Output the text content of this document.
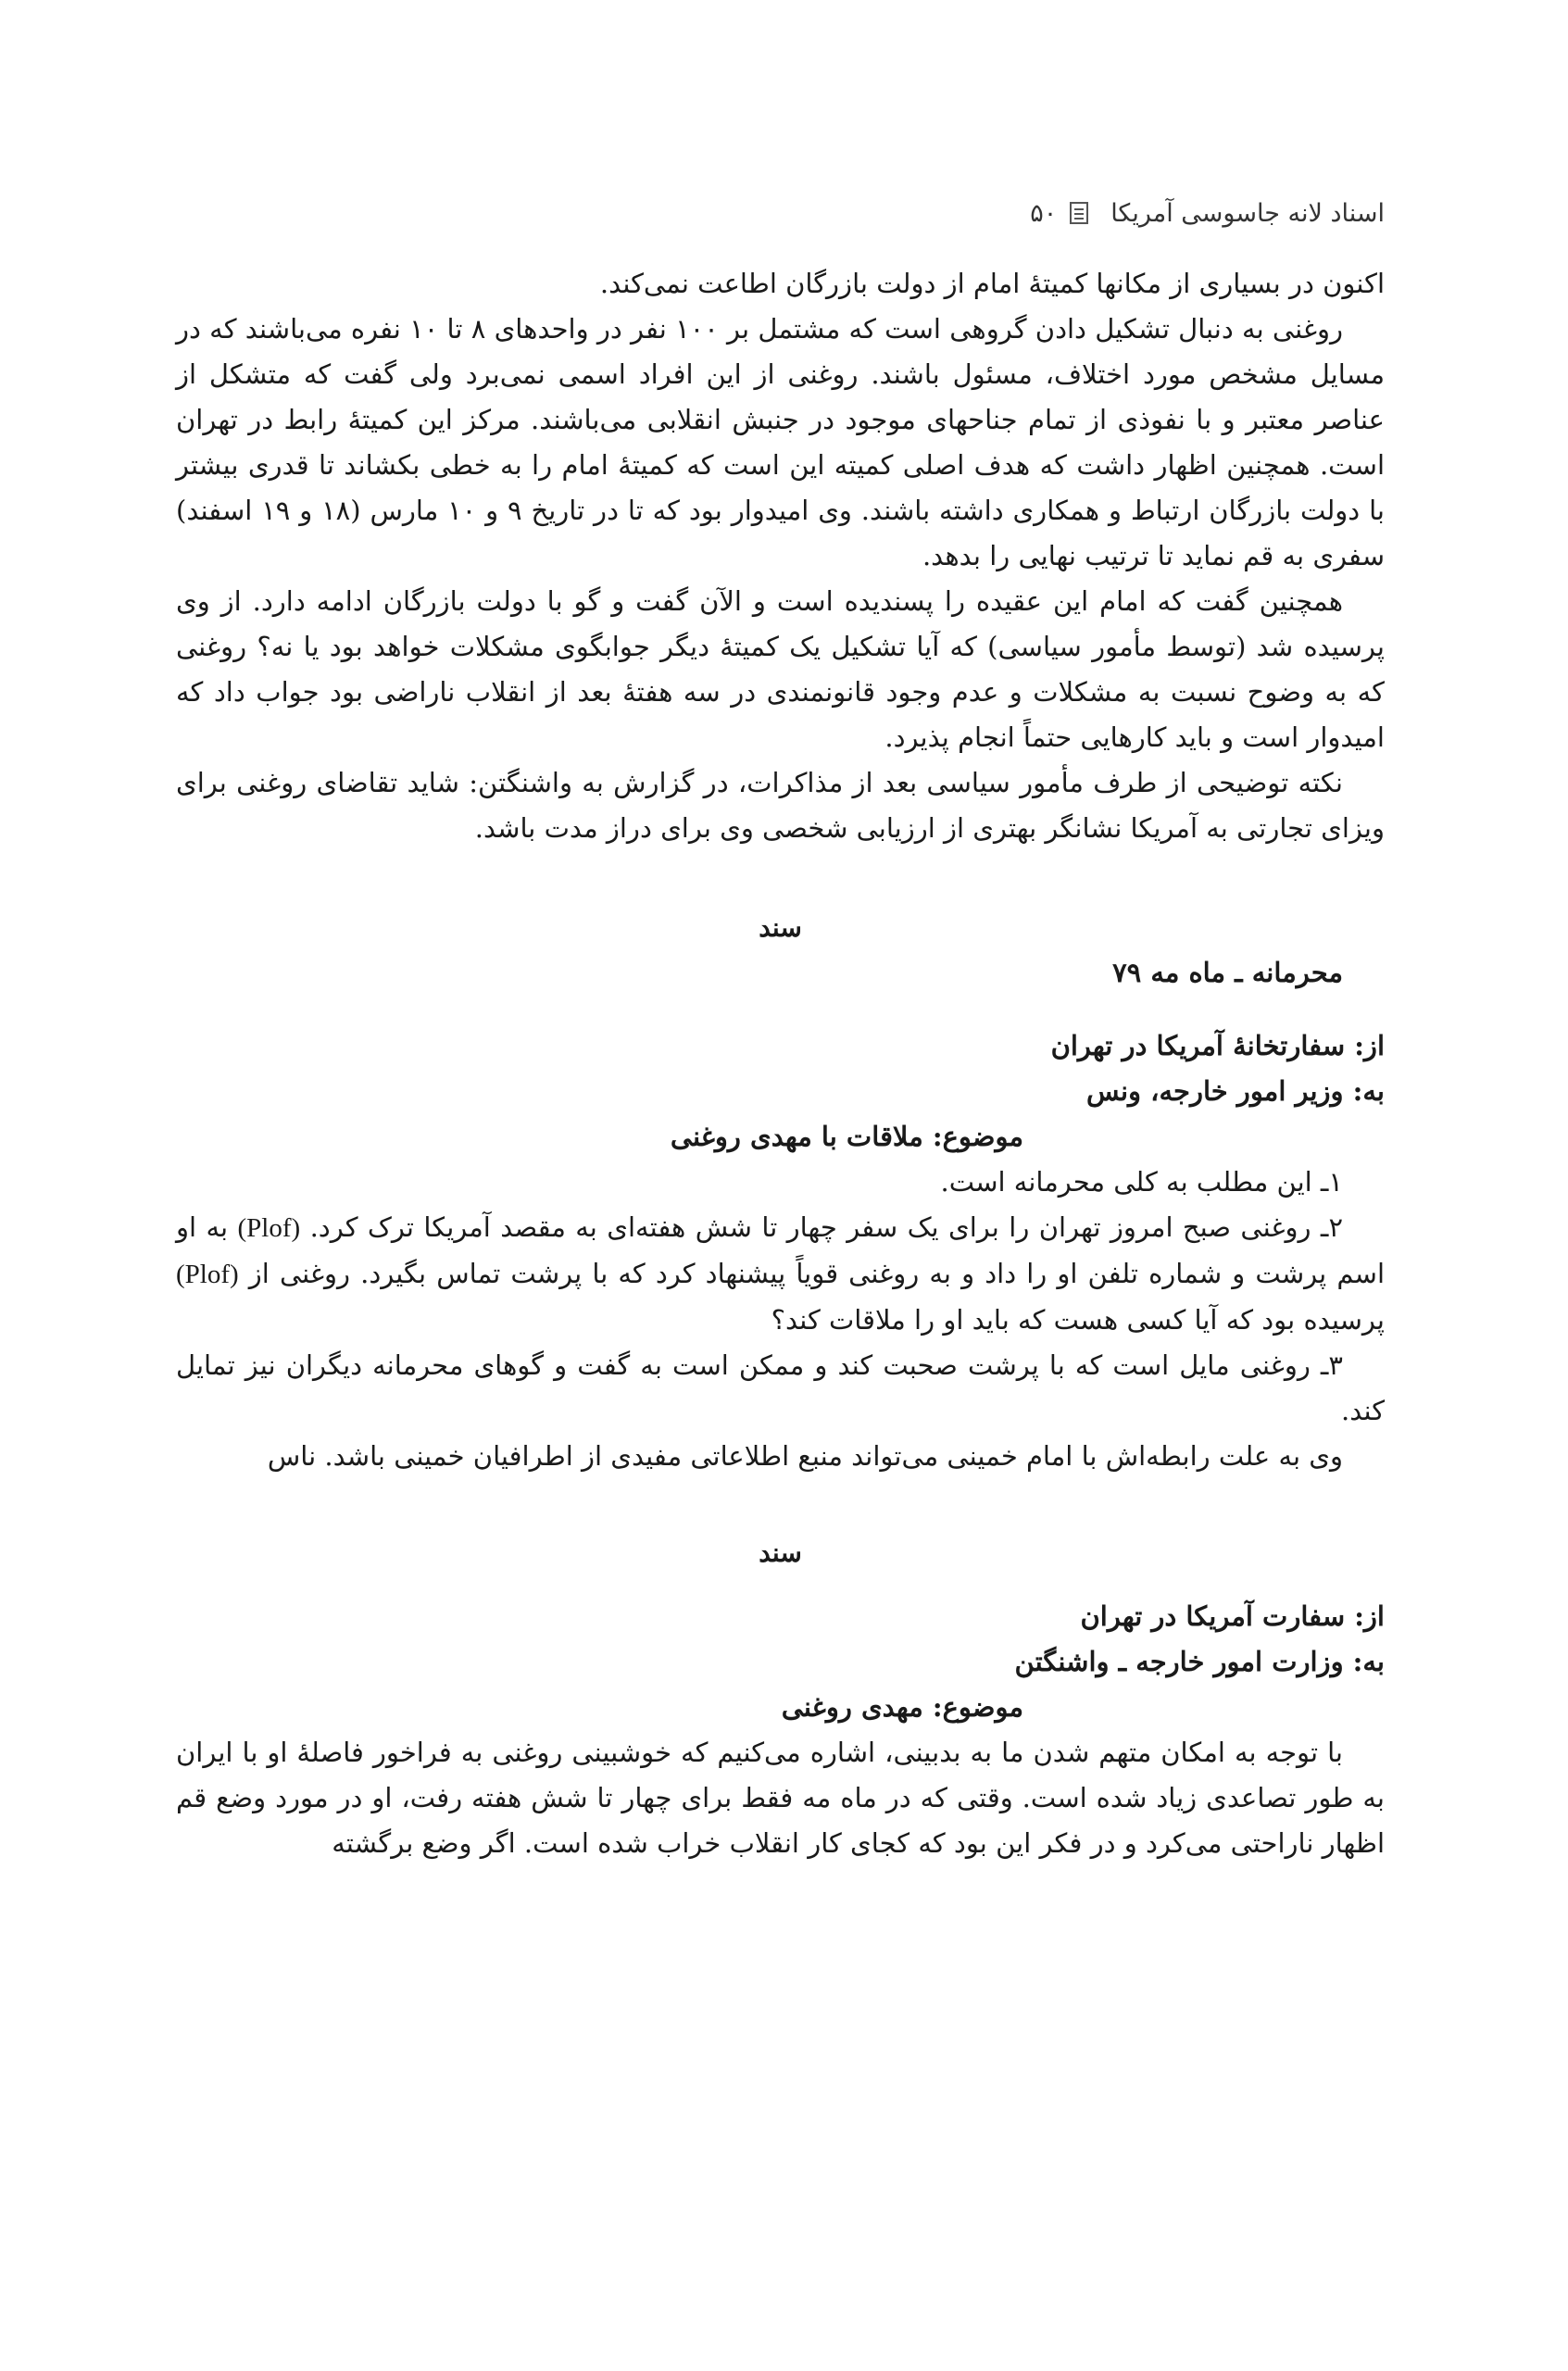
اسناد لانه جاسوسی آمریکا
۵۰

اکنون در بسیاری از مکانها کمیتهٔ امام از دولت بازرگان اطاعت نمی‌کند.

روغنی به دنبال تشکیل دادن گروهی است که مشتمل بر ۱۰۰ نفر در واحدهای ۸ تا ۱۰ نفره می‌باشند که در مسایل مشخص مورد اختلاف، مسئول باشند. روغنی از این افراد اسمی نمی‌برد ولی گفت که متشکل از عناصر معتبر و با نفوذی از تمام جناحهای موجود در جنبش انقلابی می‌باشند. مرکز این کمیتهٔ رابط در تهران است. همچنین اظهار داشت که هدف اصلی کمیته این است که کمیتهٔ امام را به خطی بکشاند تا قدری بیشتر با دولت بازرگان ارتباط و همکاری داشته باشند. وی امیدوار بود که تا در تاریخ ۹ و ۱۰ مارس (۱۸ و ۱۹ اسفند) سفری به قم نماید تا ترتیب نهایی را بدهد.

همچنین گفت که امام این عقیده را پسندیده است و الآن گفت و گو با دولت بازرگان ادامه دارد. از وی پرسیده شد (توسط مأمور سیاسی) که آیا تشکیل یک کمیتهٔ دیگر جوابگوی مشکلات خواهد بود یا نه؟ روغنی که به وضوح نسبت به مشکلات و عدم وجود قانونمندی در سه هفتهٔ بعد از انقلاب ناراضی بود جواب داد که امیدوار است و باید کارهایی حتماً انجام پذیرد.

نکته توضیحی از طرف مأمور سیاسی بعد از مذاکرات، در گزارش به واشنگتن: شاید تقاضای روغنی برای ویزای تجارتی به آمریکا نشانگر بهتری از ارزیابی شخصی وی برای دراز مدت باشد.

سند

محرمانه ـ ماه مه ۷۹

از: سفارتخانهٔ آمریکا در تهران

به: وزیر امور خارجه، ونس

موضوع: ملاقات با مهدی روغنی

۱ـ این مطلب به کلی محرمانه است.

۲ـ روغنی صبح امروز تهران را برای یک سفر چهار تا شش هفته‌ای به مقصد آمریکا ترک کرد. (Plof) به او اسم پرشت و شماره تلفن او را داد و به روغنی قویاً پیشنهاد کرد که با پرشت تماس بگیرد. روغنی از (Plof) پرسیده بود که آیا کسی هست که باید او را ملاقات کند؟

۳ـ روغنی مایل است که با پرشت صحبت کند و ممکن است به گفت و گوهای محرمانه دیگران نیز تمایل کند.

وی به علت رابطه‌اش با امام خمینی می‌تواند منبع اطلاعاتی مفیدی از اطرافیان خمینی باشد. ناس

سند

از: سفارت آمریکا در تهران

به: وزارت امور خارجه ـ واشنگتن

موضوع: مهدی روغنی

با توجه به امکان متهم شدن ما به بدبینی، اشاره می‌کنیم که خوشبینی روغنی به فراخور فاصلهٔ او با ایران به طور تصاعدی زیاد شده است. وقتی که در ماه مه فقط برای چهار تا شش هفته رفت، او در مورد وضع قم اظهار ناراحتی می‌کرد و در فکر این بود که کجای کار انقلاب خراب شده است. اگر وضع برگشته
